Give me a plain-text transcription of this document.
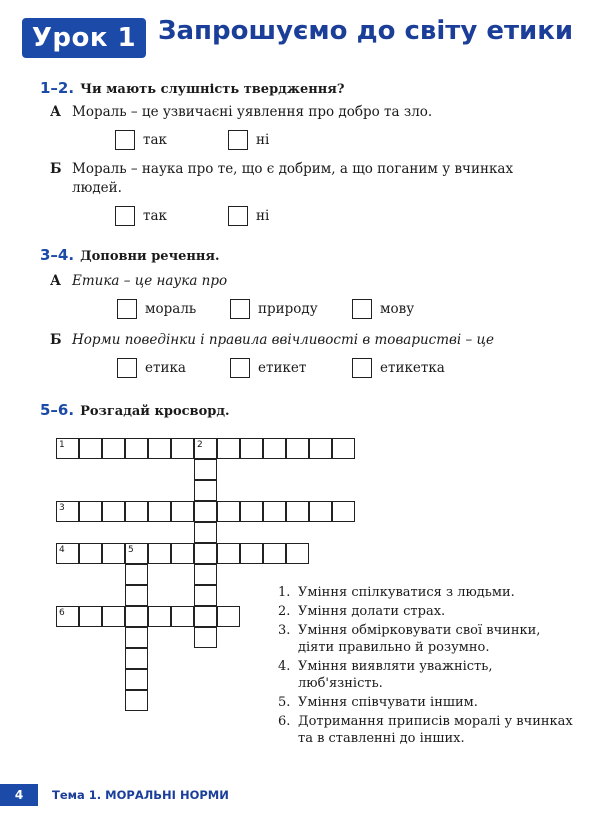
Урок 1 Запрошуємо до світу етики
1–2. Чи мають слушність твердження?
А Мораль – це узвичаєні уявлення про добро та зло.
так	ні
Б Мораль – наука про те, що є добрим, а що поганим у вчинках людей.
так	ні
3–4. Доповни речення.
А Етика – це наука про
мораль	природу	мову
Б Норми поведінки і правила ввічливості в товаристві – це
етика	етикет	етикетка
5–6. Розгадай кросворд.
1	2
3
4	5
6
1. Уміння спілкуватися з людьми.
2. Уміння долати страх.
3. Уміння обмірковувати свої вчинки, діяти правильно й розумно.
4. Уміння виявляти уважність, люб'язність.
5. Уміння співчувати іншим.
6. Дотримання приписів моралі у вчинках та в ставленні до інших.
4	Тема 1. МОРАЛЬНІ НОРМИ
